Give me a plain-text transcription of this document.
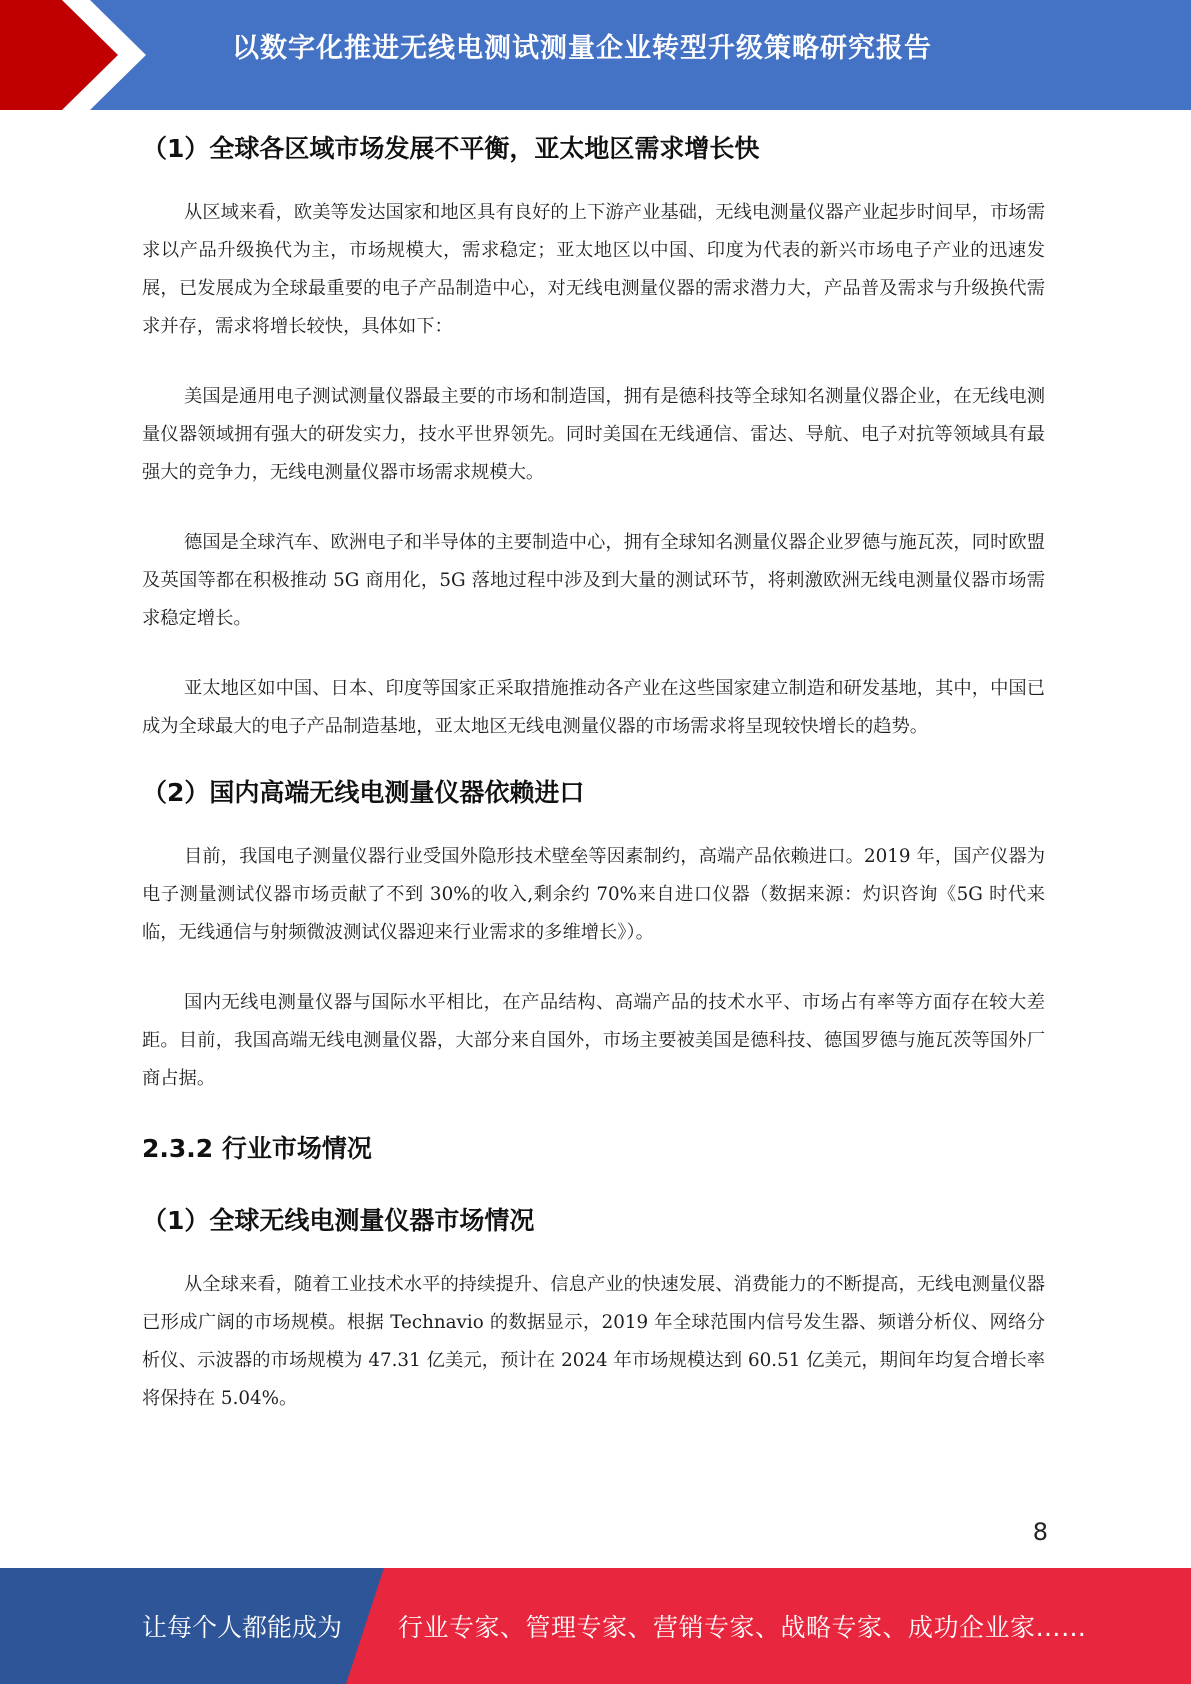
以数字化推进无线电测试测量企业转型升级策略研究报告
（1）全球各区域市场发展不平衡，亚太地区需求增长快

从区域来看，欧美等发达国家和地区具有良好的上下游产业基础，无线电测量仪器产业起步时间早，市场需求以产品升级换代为主，市场规模大，需求稳定；亚太地区以中国、印度为代表的新兴市场电子产业的迅速发展，已发展成为全球最重要的电子产品制造中心，对无线电测量仪器的需求潜力大，产品普及需求与升级换代需求并存，需求将增长较快，具体如下：

美国是通用电子测试测量仪器最主要的市场和制造国，拥有是德科技等全球知名测量仪器企业，在无线电测量仪器领域拥有强大的研发实力，技水平世界领先。同时美国在无线通信、雷达、导航、电子对抗等领域具有最强大的竞争力，无线电测量仪器市场需求规模大。

德国是全球汽车、欧洲电子和半导体的主要制造中心，拥有全球知名测量仪器企业罗德与施瓦茨，同时欧盟及英国等都在积极推动 5G 商用化，5G 落地过程中涉及到大量的测试环节，将刺激欧洲无线电测量仪器市场需求稳定增长。

亚太地区如中国、日本、印度等国家正采取措施推动各产业在这些国家建立制造和研发基地，其中，中国已成为全球最大的电子产品制造基地，亚太地区无线电测量仪器的市场需求将呈现较快增长的趋势。

（2）国内高端无线电测量仪器依赖进口

目前，我国电子测量仪器行业受国外隐形技术壁垒等因素制约，高端产品依赖进口。2019 年，国产仪器为电子测量测试仪器市场贡献了不到 30%的收入,剩余约 70%来自进口仪器（数据来源：灼识咨询《5G 时代来临，无线通信与射频微波测试仪器迎来行业需求的多维增长》）。

国内无线电测量仪器与国际水平相比，在产品结构、高端产品的技术水平、市场占有率等方面存在较大差距。目前，我国高端无线电测量仪器，大部分来自国外，市场主要被美国是德科技、德国罗德与施瓦茨等国外厂商占据。

2.3.2 行业市场情况
（1）全球无线电测量仪器市场情况

从全球来看，随着工业技术水平的持续提升、信息产业的快速发展、消费能力的不断提高，无线电测量仪器已形成广阔的市场规模。根据 Technavio 的数据显示，2019 年全球范围内信号发生器、频谱分析仪、网络分析仪、示波器的市场规模为 47.31 亿美元，预计在 2024 年市场规模达到 60.51 亿美元，期间年均复合增长率将保持在 5.04%。

8
让每个人都能成为 行业专家、管理专家、营销专家、战略专家、成功企业家……
